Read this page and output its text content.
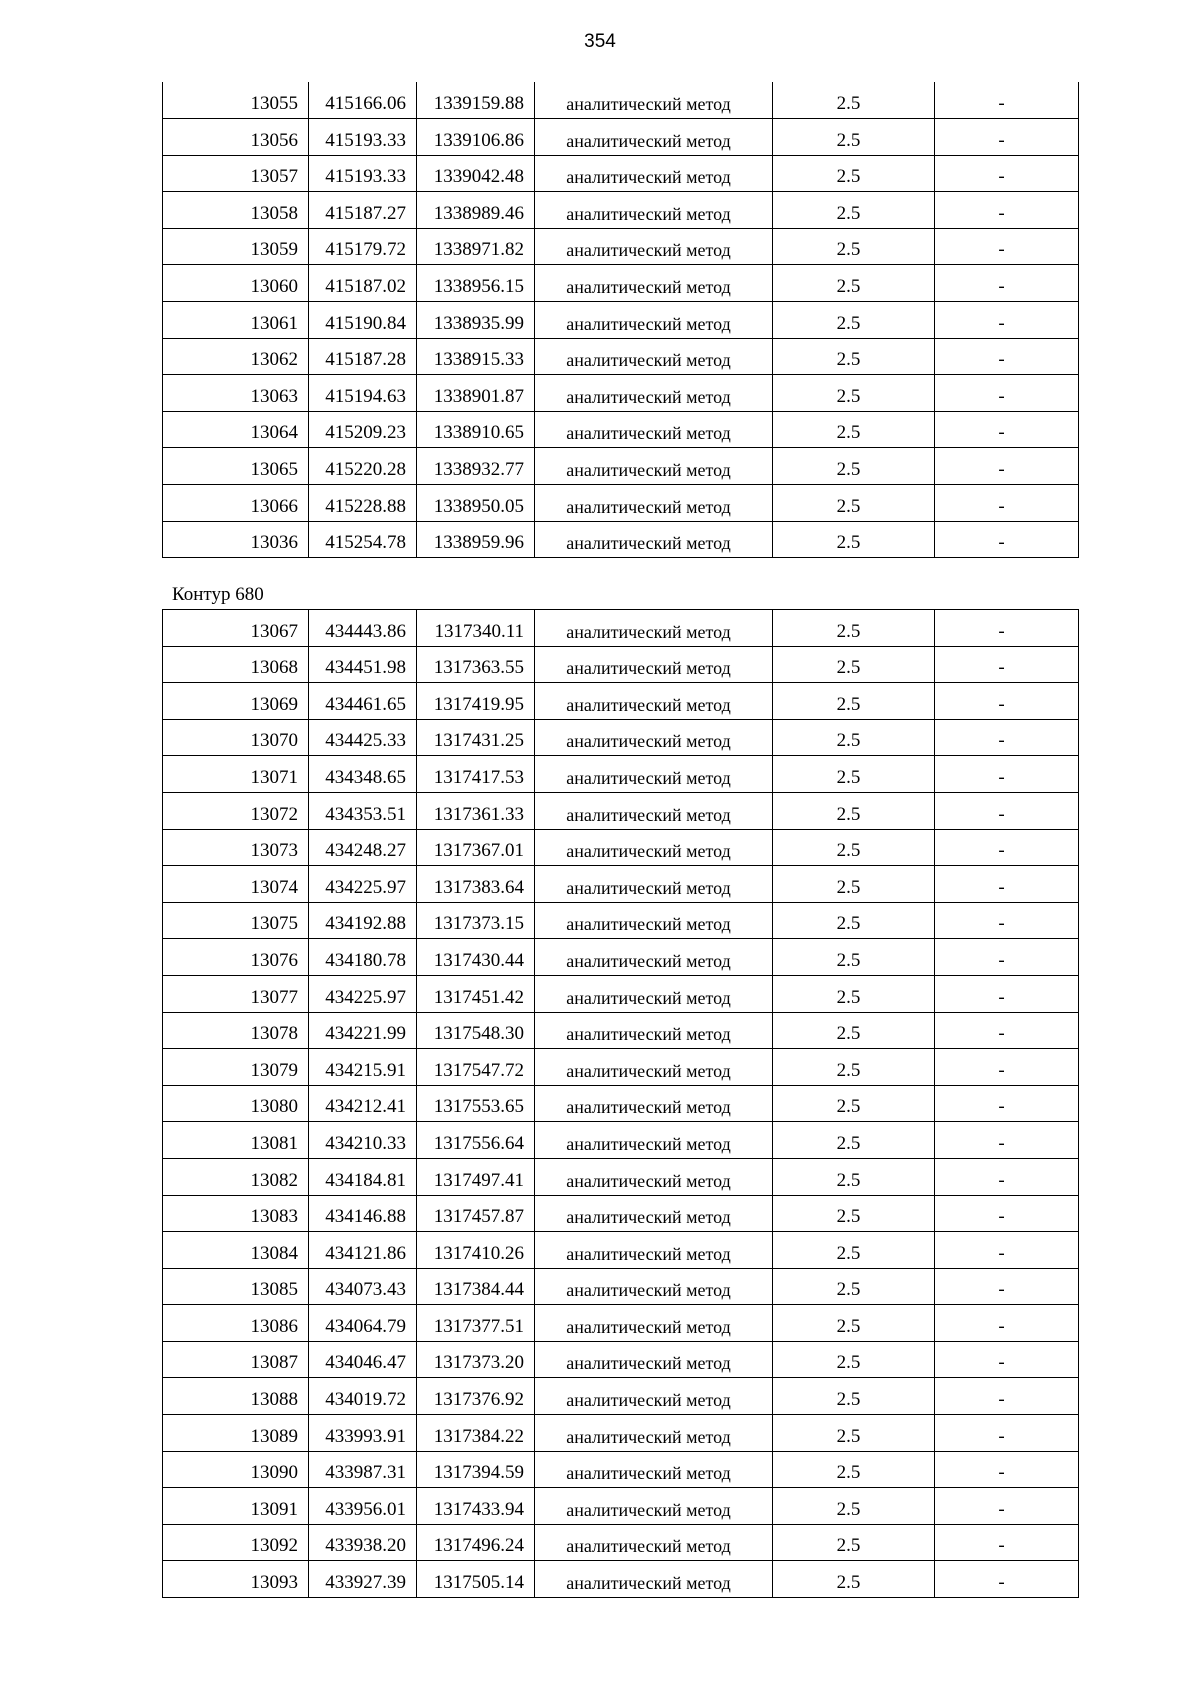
354
13055	415166.06	1339159.88	аналитический метод	2.5	-
13056	415193.33	1339106.86	аналитический метод	2.5	-
13057	415193.33	1339042.48	аналитический метод	2.5	-
13058	415187.27	1338989.46	аналитический метод	2.5	-
13059	415179.72	1338971.82	аналитический метод	2.5	-
13060	415187.02	1338956.15	аналитический метод	2.5	-
13061	415190.84	1338935.99	аналитический метод	2.5	-
13062	415187.28	1338915.33	аналитический метод	2.5	-
13063	415194.63	1338901.87	аналитический метод	2.5	-
13064	415209.23	1338910.65	аналитический метод	2.5	-
13065	415220.28	1338932.77	аналитический метод	2.5	-
13066	415228.88	1338950.05	аналитический метод	2.5	-
13036	415254.78	1338959.96	аналитический метод	2.5	-
Контур 680
13067	434443.86	1317340.11	аналитический метод	2.5	-
13068	434451.98	1317363.55	аналитический метод	2.5	-
13069	434461.65	1317419.95	аналитический метод	2.5	-
13070	434425.33	1317431.25	аналитический метод	2.5	-
13071	434348.65	1317417.53	аналитический метод	2.5	-
13072	434353.51	1317361.33	аналитический метод	2.5	-
13073	434248.27	1317367.01	аналитический метод	2.5	-
13074	434225.97	1317383.64	аналитический метод	2.5	-
13075	434192.88	1317373.15	аналитический метод	2.5	-
13076	434180.78	1317430.44	аналитический метод	2.5	-
13077	434225.97	1317451.42	аналитический метод	2.5	-
13078	434221.99	1317548.30	аналитический метод	2.5	-
13079	434215.91	1317547.72	аналитический метод	2.5	-
13080	434212.41	1317553.65	аналитический метод	2.5	-
13081	434210.33	1317556.64	аналитический метод	2.5	-
13082	434184.81	1317497.41	аналитический метод	2.5	-
13083	434146.88	1317457.87	аналитический метод	2.5	-
13084	434121.86	1317410.26	аналитический метод	2.5	-
13085	434073.43	1317384.44	аналитический метод	2.5	-
13086	434064.79	1317377.51	аналитический метод	2.5	-
13087	434046.47	1317373.20	аналитический метод	2.5	-
13088	434019.72	1317376.92	аналитический метод	2.5	-
13089	433993.91	1317384.22	аналитический метод	2.5	-
13090	433987.31	1317394.59	аналитический метод	2.5	-
13091	433956.01	1317433.94	аналитический метод	2.5	-
13092	433938.20	1317496.24	аналитический метод	2.5	-
13093	433927.39	1317505.14	аналитический метод	2.5	-
